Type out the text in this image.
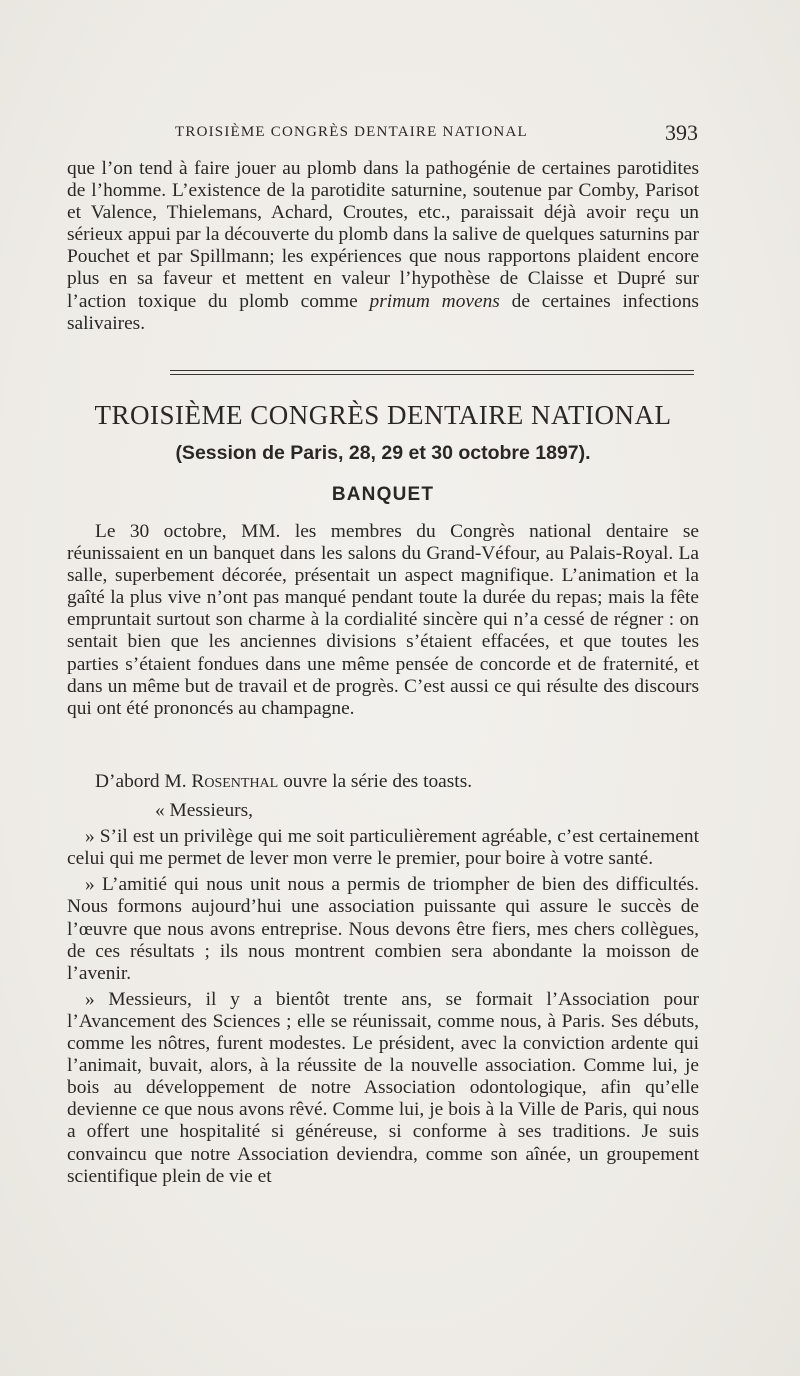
TROISIÈME CONGRÈS DENTAIRE NATIONAL	393

que l’on tend à faire jouer au plomb dans la pathogénie de certaines parotidites de l’homme. L’existence de la parotidite saturnine, soutenue par Comby, Parisot et Valence, Thielemans, Achard, Croutes, etc., paraissait déjà avoir reçu un sérieux appui par la découverte du plomb dans la salive de quelques saturnins par Pouchet et par Spillmann; les expériences que nous rapportons plaident encore plus en sa faveur et mettent en valeur l’hypothèse de Claisse et Dupré sur l’action toxique du plomb comme primum movens de certaines infections salivaires.

TROISIÈME CONGRÈS DENTAIRE NATIONAL
(Session de Paris, 28, 29 et 30 octobre 1897).
BANQUET

Le 30 octobre, MM. les membres du Congrès national dentaire se réunissaient en un banquet dans les salons du Grand-Véfour, au Palais-Royal. La salle, superbement décorée, présentait un aspect magnifique. L’animation et la gaîté la plus vive n’ont pas manqué pendant toute la durée du repas; mais la fête empruntait surtout son charme à la cordialité sincère qui n’a cessé de régner : on sentait bien que les anciennes divisions s’étaient effacées, et que toutes les parties s’étaient fondues dans une même pensée de concorde et de fraternité, et dans un même but de travail et de progrès. C’est aussi ce qui résulte des discours qui ont été prononcés au champagne.

D’abord M. Rosenthal ouvre la série des toasts.

« Messieurs,

» S’il est un privilège qui me soit particulièrement agréable, c’est certainement celui qui me permet de lever mon verre le premier, pour boire à votre santé.

» L’amitié qui nous unit nous a permis de triompher de bien des difficultés. Nous formons aujourd’hui une association puissante qui assure le succès de l’œuvre que nous avons entreprise. Nous devons être fiers, mes chers collègues, de ces résultats ; ils nous montrent combien sera abondante la moisson de l’avenir.

» Messieurs, il y a bientôt trente ans, se formait l’Association pour l’Avancement des Sciences ; elle se réunissait, comme nous, à Paris. Ses débuts, comme les nôtres, furent modestes. Le président, avec la conviction ardente qui l’animait, buvait, alors, à la réussite de la nouvelle association. Comme lui, je bois au développement de notre Association odontologique, afin qu’elle devienne ce que nous avons rêvé. Comme lui, je bois à la Ville de Paris, qui nous a offert une hospitalité si généreuse, si conforme à ses traditions. Je suis convaincu que notre Association deviendra, comme son aînée, un groupement scientifique plein de vie et
